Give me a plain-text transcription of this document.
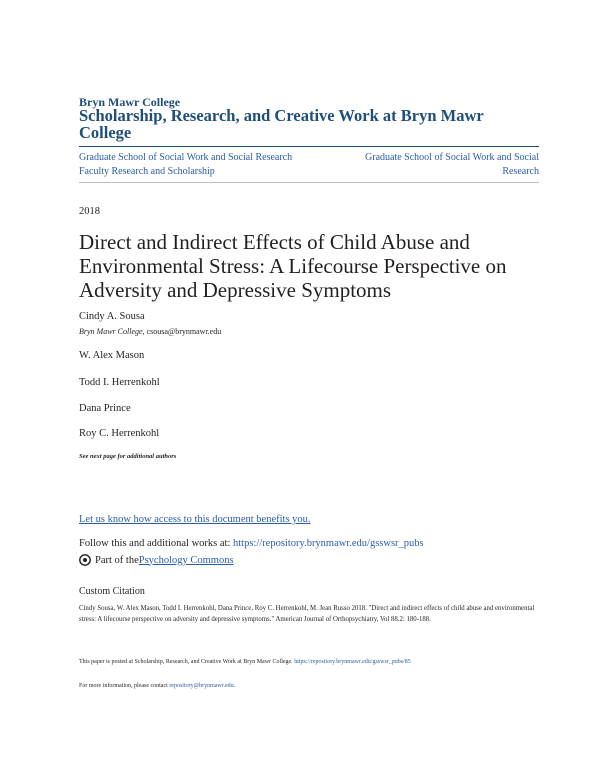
Bryn Mawr College
Scholarship, Research, and Creative Work at Bryn Mawr College
Graduate School of Social Work and Social Research Faculty Research and Scholarship
Graduate School of Social Work and Social Research
2018
Direct and Indirect Effects of Child Abuse and Environmental Stress: A Lifecourse Perspective on Adversity and Depressive Symptoms
Cindy A. Sousa
Bryn Mawr College, csousa@brynmawr.edu
W. Alex Mason
Todd I. Herrenkohl
Dana Prince
Roy C. Herrenkohl
See next page for additional authors
Let us know how access to this document benefits you.
Follow this and additional works at: https://repository.brynmawr.edu/gsswsr_pubs
Part of the Psychology Commons
Custom Citation
Cindy Sousa, W. Alex Mason, Todd I. Herrenkohl, Dana Prince, Roy C. Herrenkohl, M. Jean Russo 2018. "Direct and indirect effects of child abuse and environmental stress: A lifecourse perspective on adversity and depressive symptoms." American Journal of Orthopsychiatry, Vol 88.2: 180-188.
This paper is posted at Scholarship, Research, and Creative Work at Bryn Mawr College. https://repository.brynmawr.edu/gsswsr_pubs/85
For more information, please contact repository@brynmawr.edu.
